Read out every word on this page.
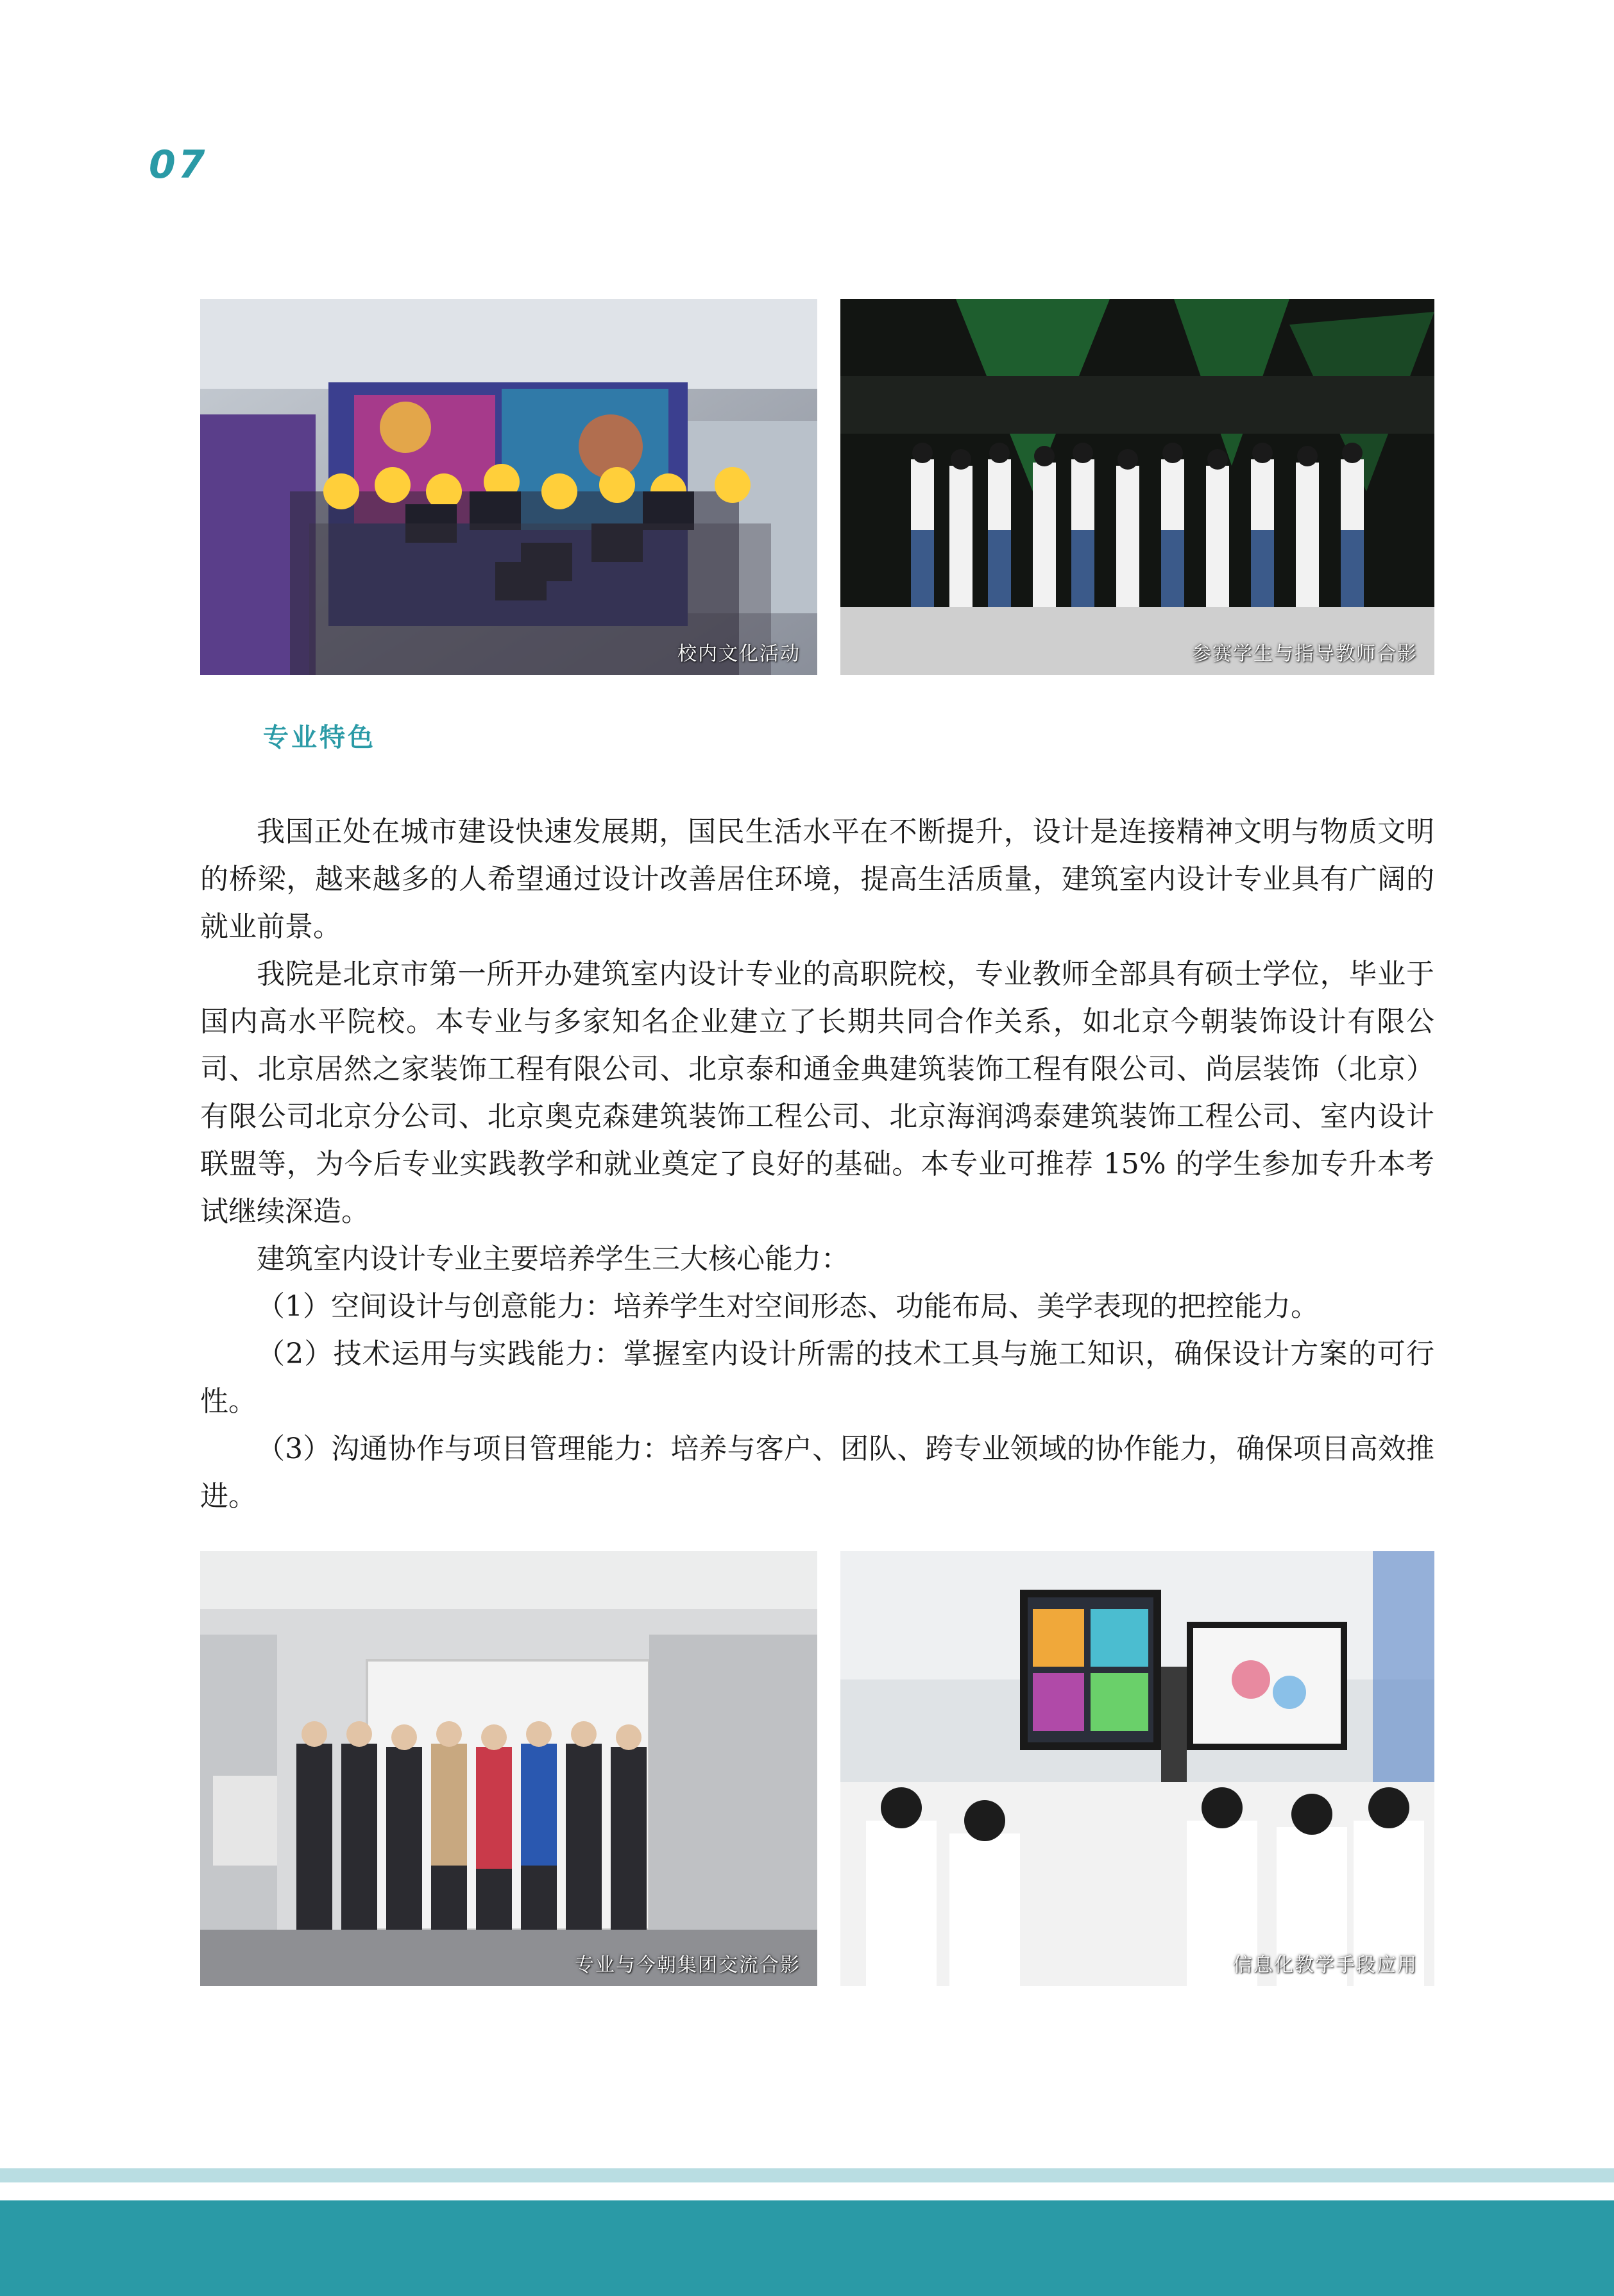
07
校内文化活动	参赛学生与指导教师合影
专业特色

我国正处在城市建设快速发展期，国民生活水平在不断提升，设计是连接精神文明与物质文明的桥梁，越来越多的人希望通过设计改善居住环境，提高生活质量，建筑室内设计专业具有广阔的就业前景。

我院是北京市第一所开办建筑室内设计专业的高职院校，专业教师全部具有硕士学位，毕业于国内高水平院校。本专业与多家知名企业建立了长期共同合作关系，如北京今朝装饰设计有限公司、北京居然之家装饰工程有限公司、北京泰和通金典建筑装饰工程有限公司、尚层装饰（北京）有限公司北京分公司、北京奥克森建筑装饰工程公司、北京海润鸿泰建筑装饰工程公司、室内设计联盟等，为今后专业实践教学和就业奠定了良好的基础。本专业可推荐 15% 的学生参加专升本考试继续深造。

建筑室内设计专业主要培养学生三大核心能力：

（1）空间设计与创意能力：培养学生对空间形态、功能布局、美学表现的把控能力。

（2）技术运用与实践能力：掌握室内设计所需的技术工具与施工知识，确保设计方案的可行性。

（3）沟通协作与项目管理能力：培养与客户、团队、跨专业领域的协作能力，确保项目高效推进。

专业与今朝集团交流合影	信息化教学手段应用
